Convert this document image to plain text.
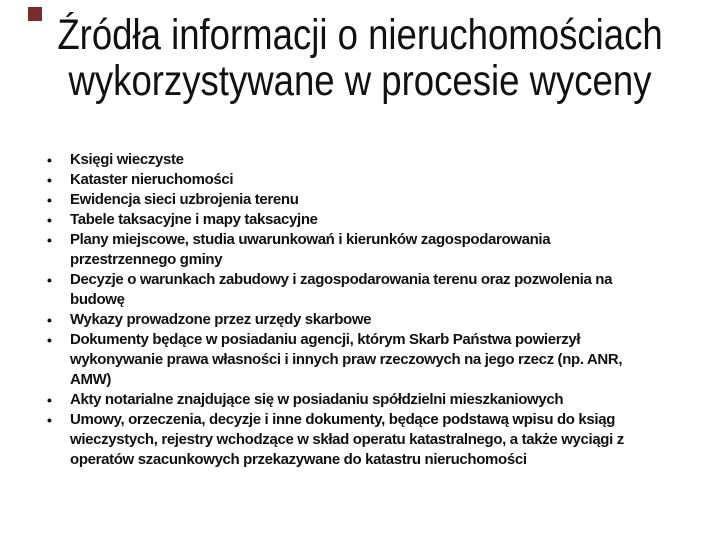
Źródła informacji o nieruchomościach
wykorzystywane w procesie wyceny
•	Księgi wieczyste
•	Kataster nieruchomości
•	Ewidencja sieci uzbrojenia terenu
•	Tabele taksacyjne i mapy taksacyjne
•	Plany miejscowe, studia uwarunkowań i kierunków zagospodarowania
przestrzennego gminy
•	Decyzje o warunkach zabudowy i zagospodarowania terenu oraz pozwolenia na
budowę
•	Wykazy prowadzone przez urzędy skarbowe
•	Dokumenty będące w posiadaniu agencji, którym Skarb Państwa powierzył
wykonywanie prawa własności i innych praw rzeczowych na jego rzecz (np. ANR,
AMW)
•	Akty notarialne znajdujące się w posiadaniu spółdzielni mieszkaniowych
•	Umowy, orzeczenia, decyzje i inne dokumenty, będące podstawą wpisu do ksiąg
wieczystych, rejestry wchodzące w skład operatu katastralnego, a także wyciągi z
operatów szacunkowych przekazywane do katastru nieruchomości
